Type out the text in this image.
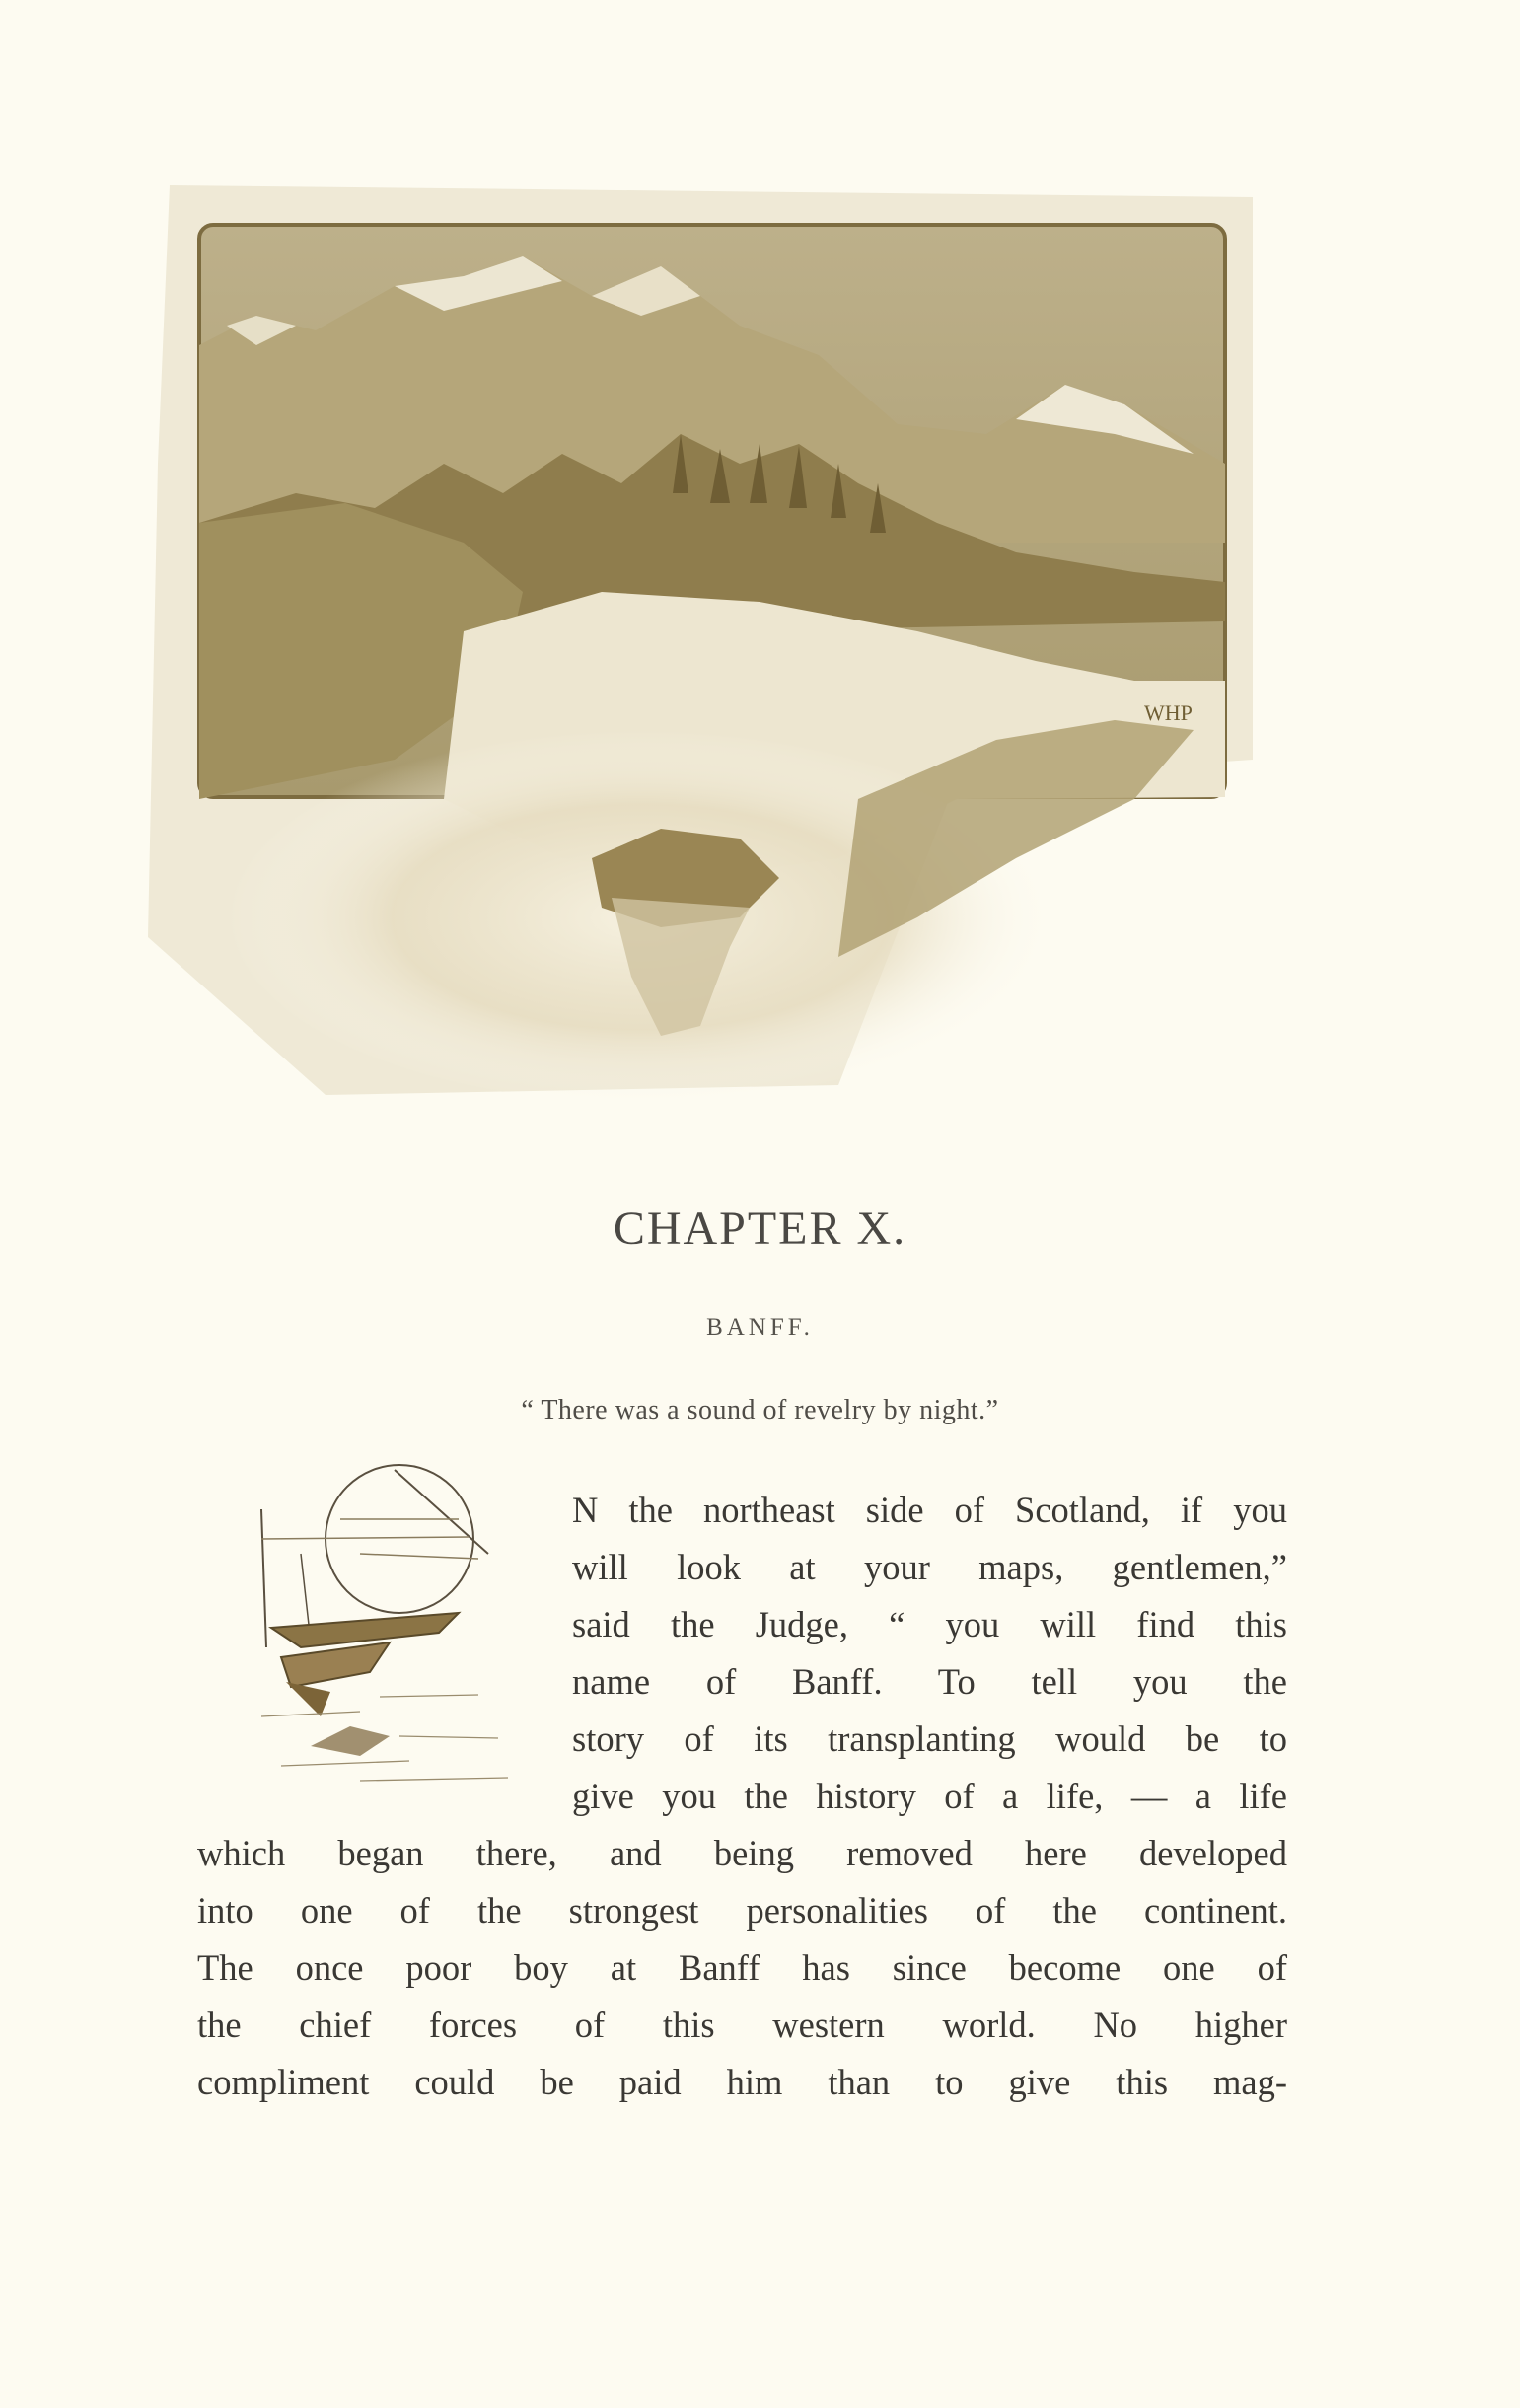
WHP
CHAPTER X.
BANFF.
“ There was a sound of revelry by night.”
N the northeast side of Scotland, if you
will look at your maps, gentlemen,”
said the Judge, “ you will find this
name of Banff. To tell you the
story of its transplanting would be to
give you the history of a life, — a life
which began there, and being removed here developed
into one of the strongest personalities of the continent.
The once poor boy at Banff has since become one of
the chief forces of this western world. No higher
compliment could be paid him than to give this mag-
